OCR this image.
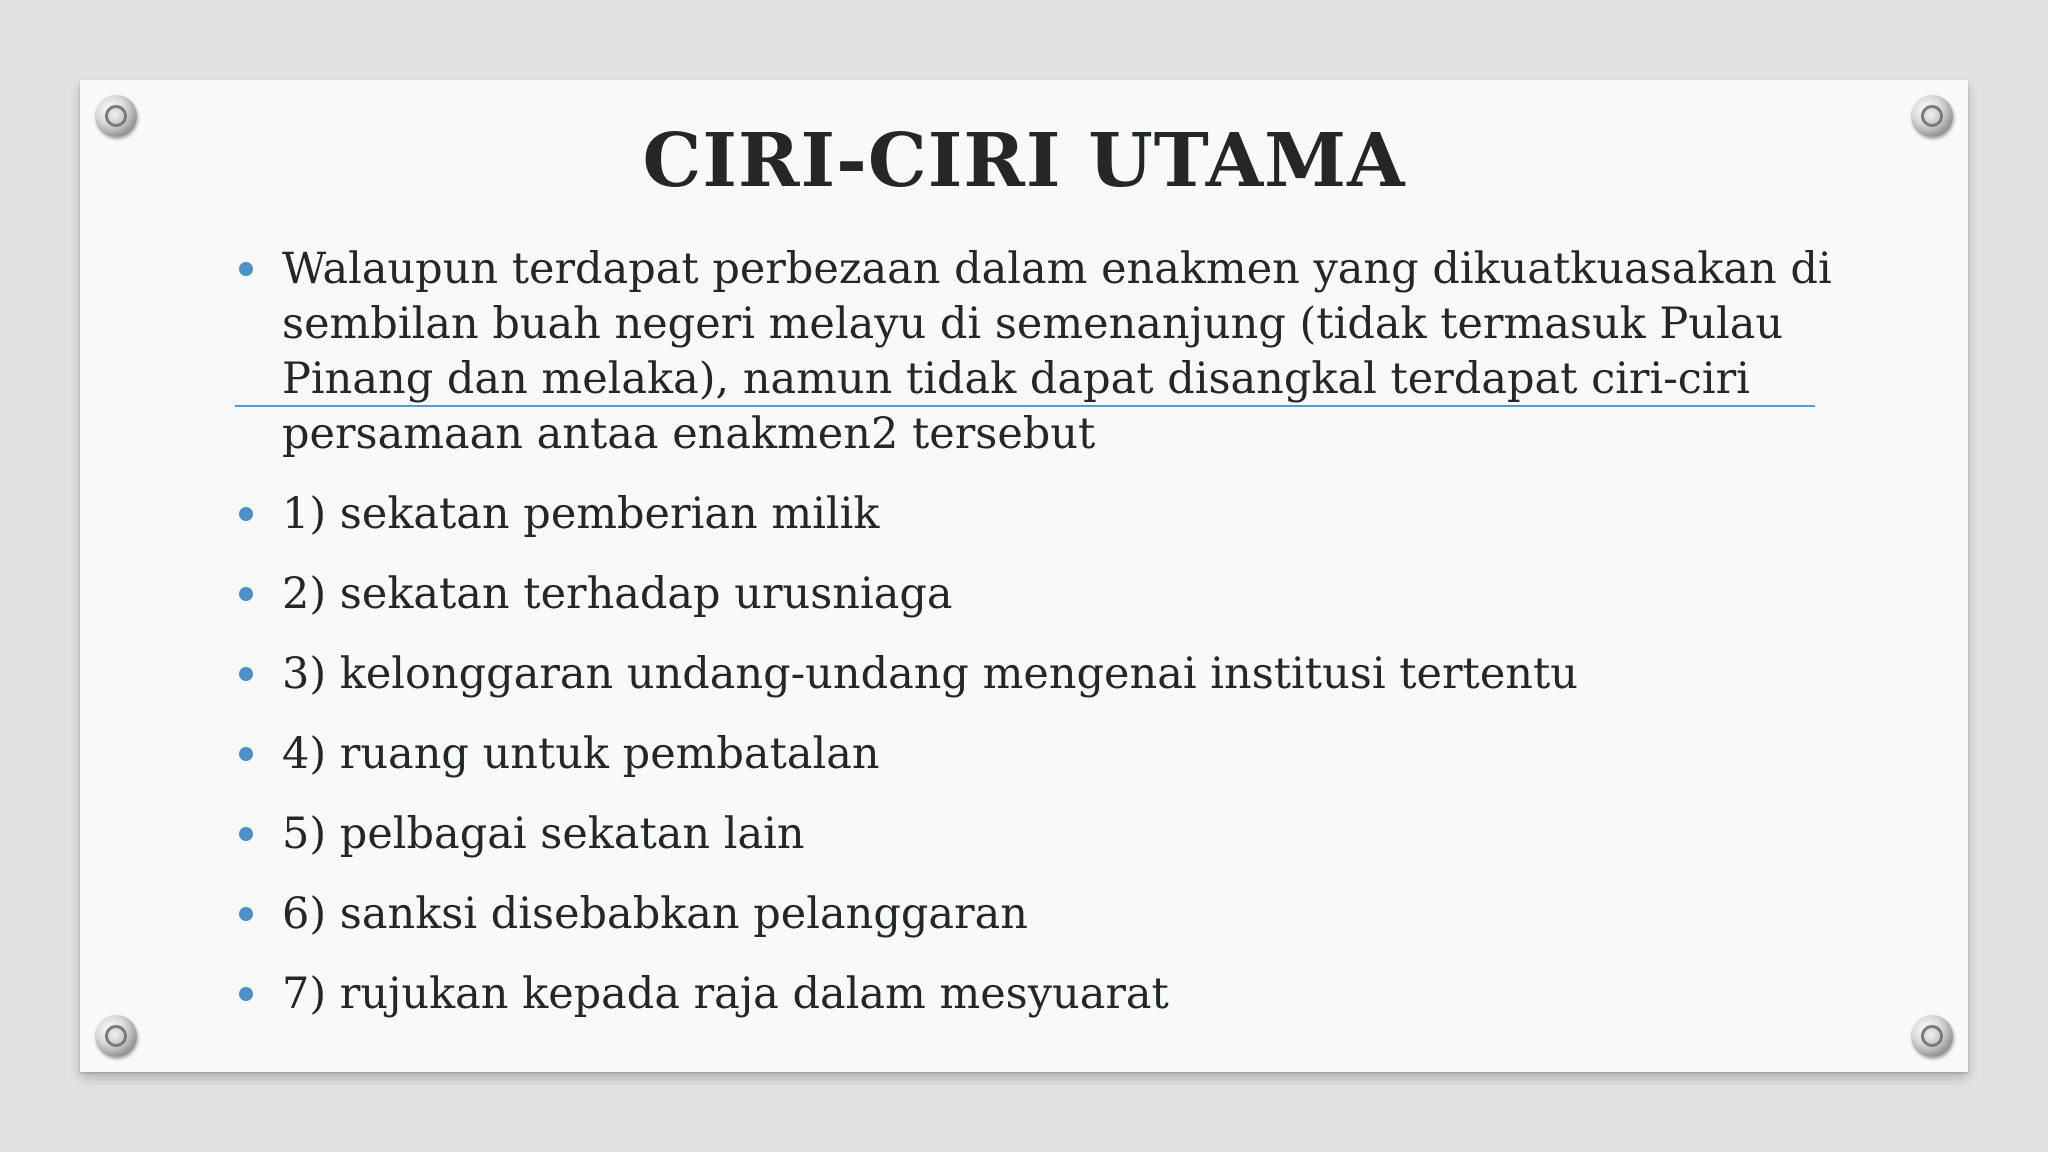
CIRI-CIRI UTAMA
Walaupun terdapat perbezaan dalam enakmen yang dikuatkuasakan di sembilan buah negeri melayu di semenanjung (tidak termasuk Pulau Pinang dan melaka), namun tidak dapat disangkal terdapat ciri-ciri persamaan antaa enakmen2 tersebut
1) sekatan pemberian milik
2) sekatan terhadap urusniaga
3) kelonggaran undang-undang mengenai institusi tertentu
4) ruang untuk pembatalan
5) pelbagai sekatan lain
6) sanksi disebabkan pelanggaran
7) rujukan kepada raja dalam mesyuarat
